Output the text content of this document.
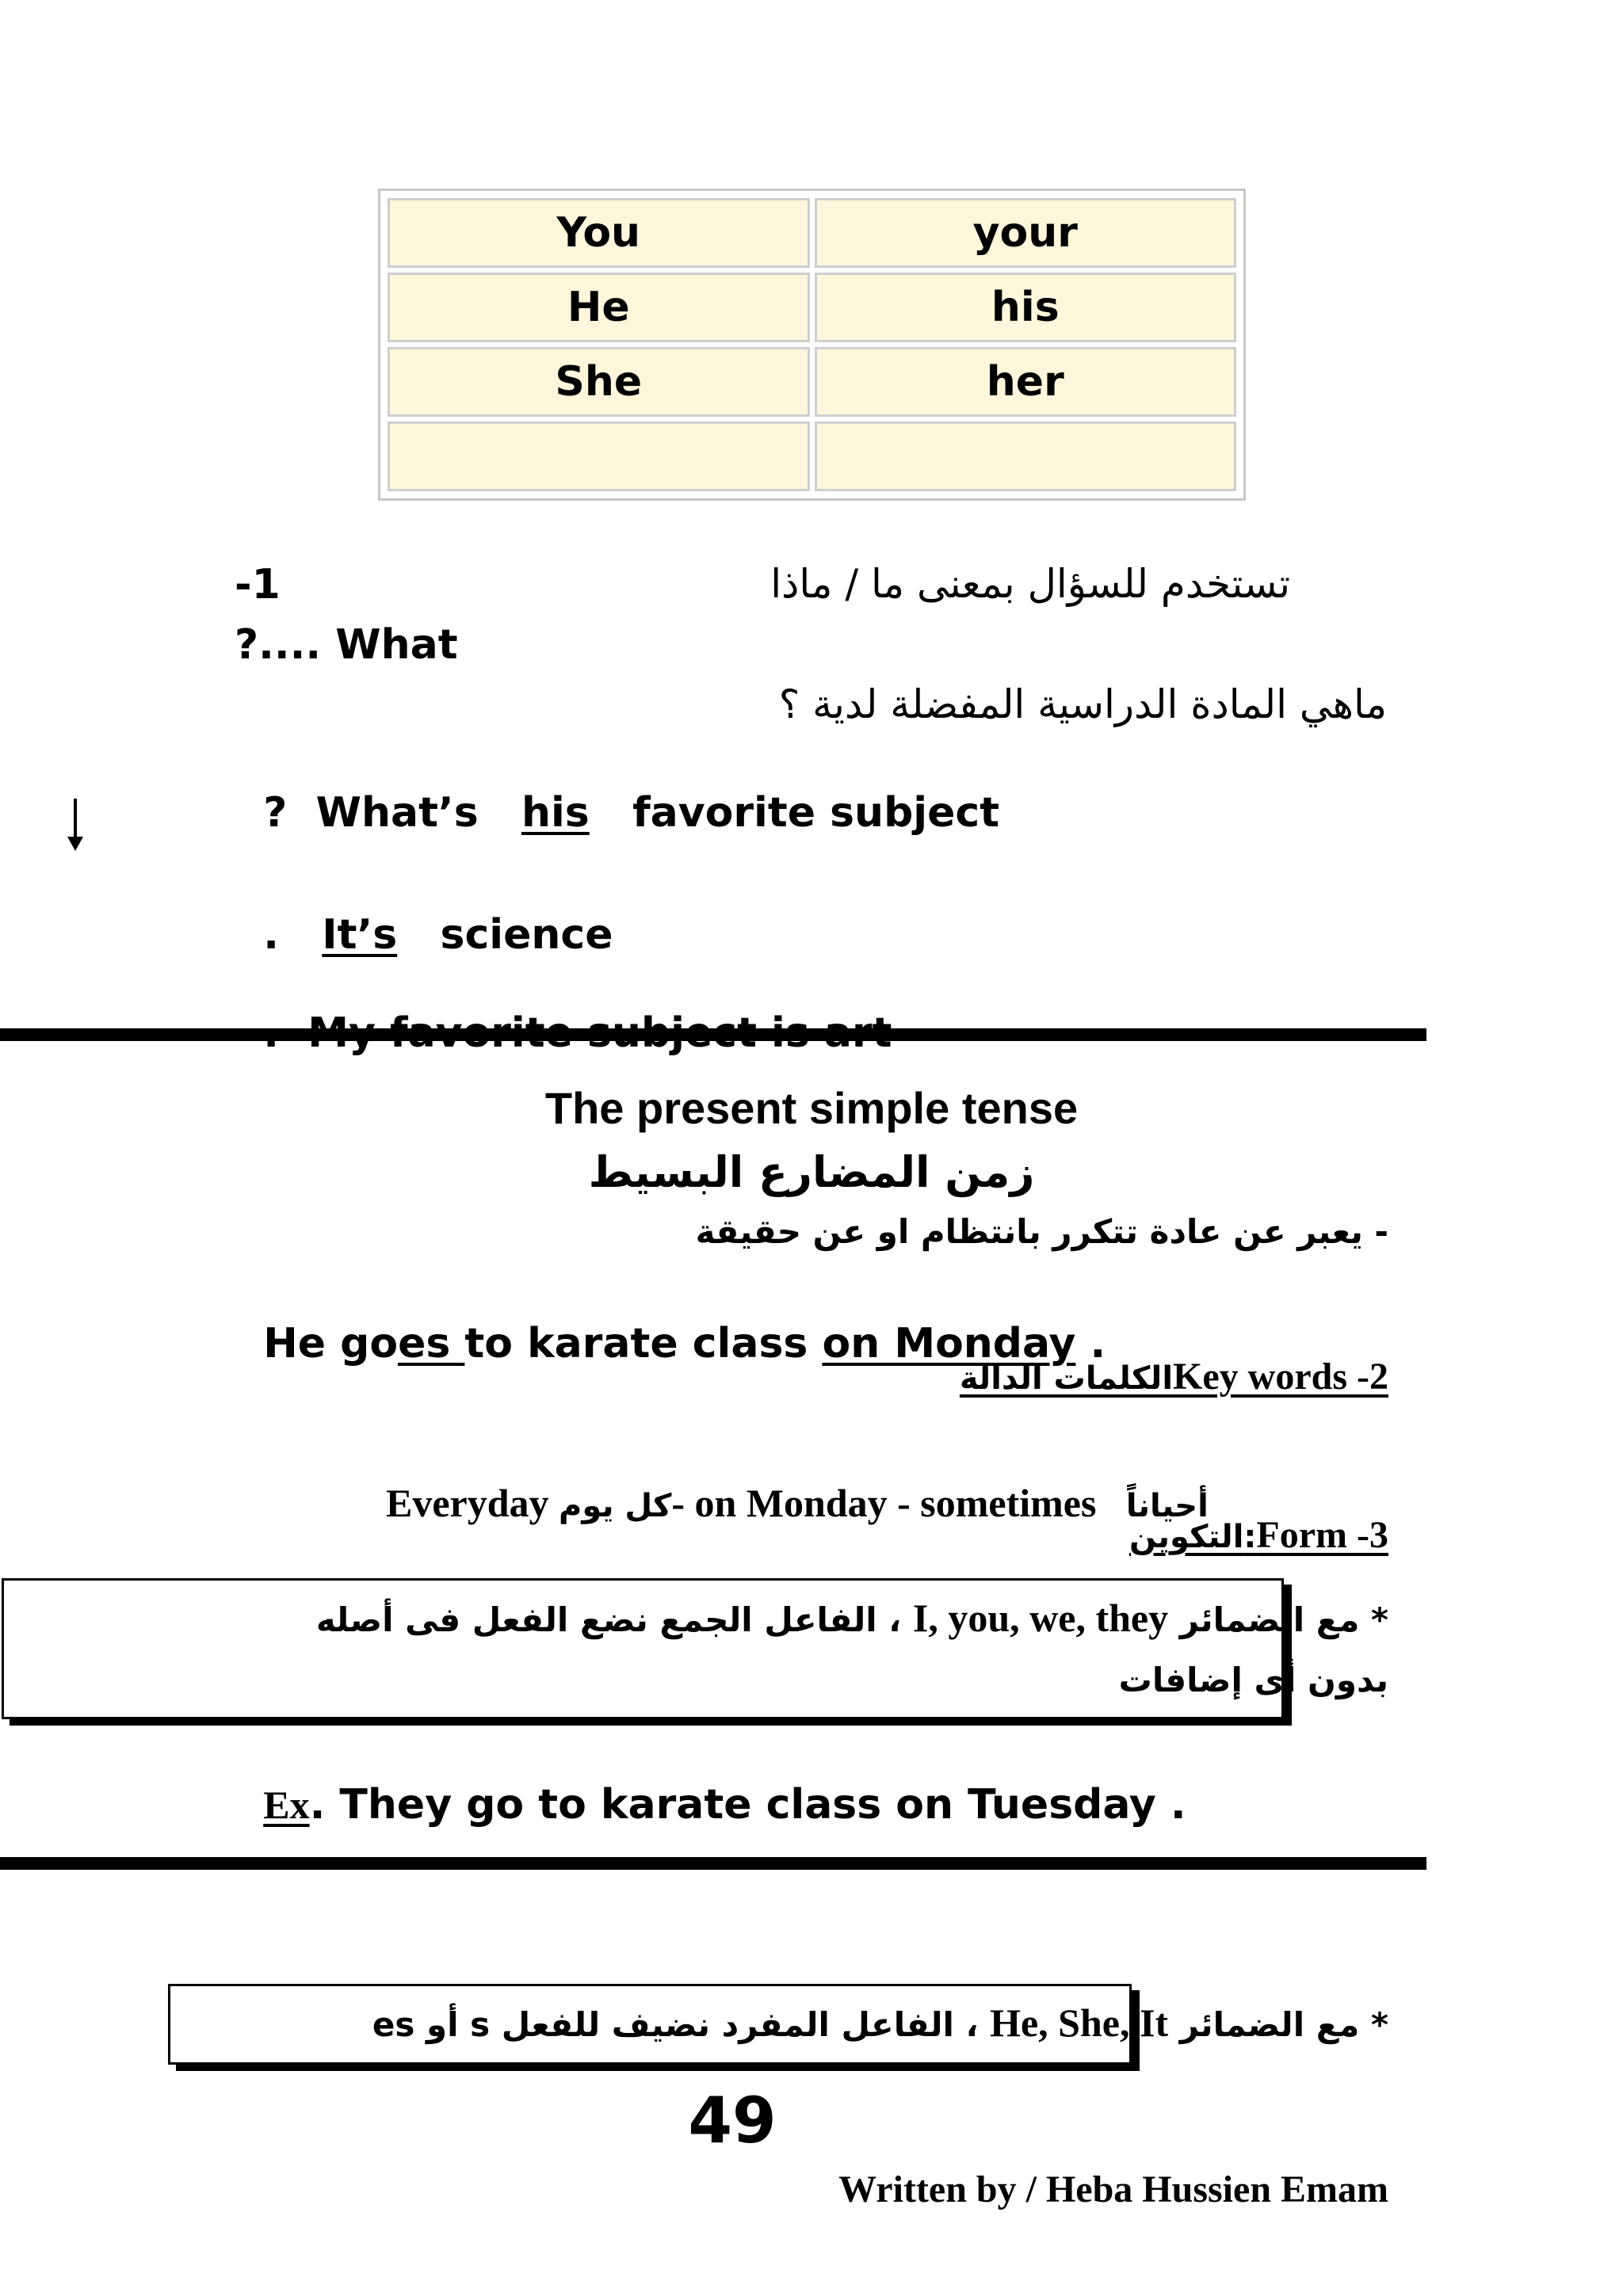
You	your
He	his
She	her

-1	تستخدم للسؤال بمعنى ما / ماذا
?.... What
ماهي المادة الدراسية المفضلة لدية ؟

? What’s his favorite subject

. It’s science

The present simple tense
زمن المضارع البسيط
- يعبر عن عادة تتكرر بانتظام او عن حقيقة

He goes to karate class on Monday .

الكلمات الدالةKey words -2

Everyday كل يوم- on Monday - sometimes أحياناً

التكوين:Form -3
* مع الضمائر I, you, we, they ، الفاعل الجمع نضع الفعل فى أصله بدون أى إضافات

Ex. They go to karate class on Tuesday .

* مع الضمائر He, She, It ، الفاعل المفرد نضيف للفعل s أو es
49
Written by / Heba Hussien Emam
